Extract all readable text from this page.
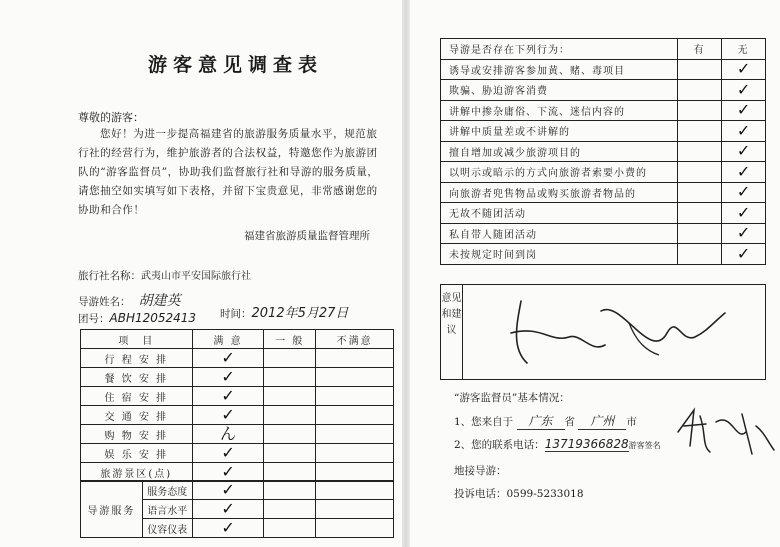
游客意见调查表
尊敬的游客：
您好！为进一步提高福建省的旅游服务质量水平，规范旅行社的经营行为，维护旅游者的合法权益，特邀您作为旅游团队的“游客监督员”，协助我们监督旅行社和导游的服务质量，请您抽空如实填写如下表格，并留下宝贵意见，非常感谢您的协助和合作！
福建省旅游质量监督管理所
旅行社名称：武夷山市平安国际旅行社
导游姓名： 胡建英
团号：ABH12052413 时间：2012年5月27日
项　目	满 意	一 般	不满意
行 程 安 排	✓		
餐 饮 安 排	✓		
住 宿 安 排	✓		
交 通 安 排	✓		
购 物 安 排	ん		
娱 乐 安 排	✓		
旅游景区(点)	✓		
导游服务	服务态度	✓		
	语言水平	✓		
	仪容仪表	✓		
导游是否存在下列行为：	有	无
诱导或安排游客参加黄、赌、毒项目		✓
欺骗、胁迫游客消费		✓
讲解中掺杂庸俗、下流、迷信内容的		✓
讲解中质量差或不讲解的		✓
擅自增加或减少旅游项目的		✓
以明示或暗示的方式向旅游者索要小费的		✓
向旅游者兜售物品或购买旅游者物品的		✓
无故不随团活动		✓
私自带人随团活动		✓
未按规定时间到岗		✓
意见和建议
“游客监督员”基本情况：
1、您来自于 广东 省 广州 市
2、您的联系电话：13719366828游客签名
地接导游：
投诉电话：0599-5233018
